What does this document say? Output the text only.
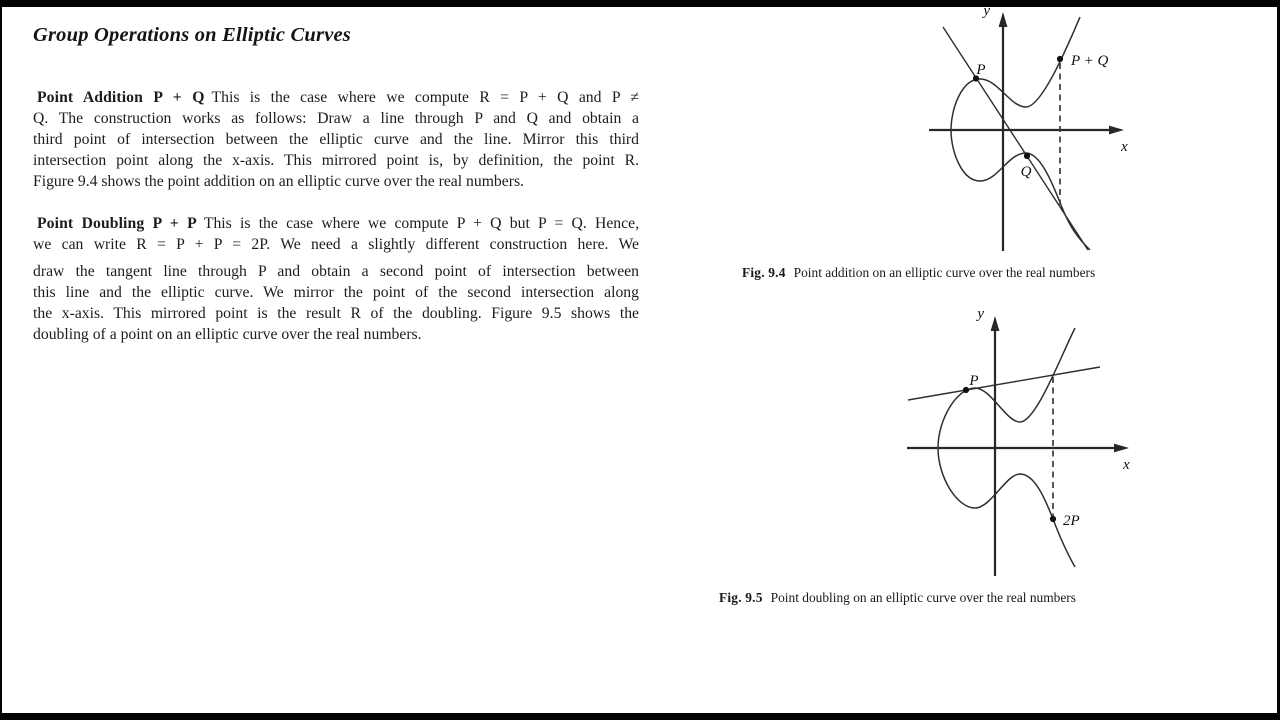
Group Operations on Elliptic Curves
Point Addition P + Q This is the case where we compute R = P + Q and P ≠
Q. The construction works as follows: Draw a line through P and Q and obtain a
third point of intersection between the elliptic curve and the line. Mirror this third
intersection point along the x-axis. This mirrored point is, by definition, the point R.
Figure 9.4 shows the point addition on an elliptic curve over the real numbers.
Point Doubling P + P This is the case where we compute P + Q but P = Q. Hence,
we can write R = P + P = 2P. We need a slightly different construction here. We
draw the tangent line through P and obtain a second point of intersection between
this line and the elliptic curve. We mirror the point of the second intersection along
the x-axis. This mirrored point is the result R of the doubling. Figure 9.5 shows the
doubling of a point on an elliptic curve over the real numbers.
y
x
P
Q
P + Q
Fig. 9.4 Point addition on an elliptic curve over the real numbers
y
x
P
2P
Fig. 9.5 Point doubling on an elliptic curve over the real numbers
